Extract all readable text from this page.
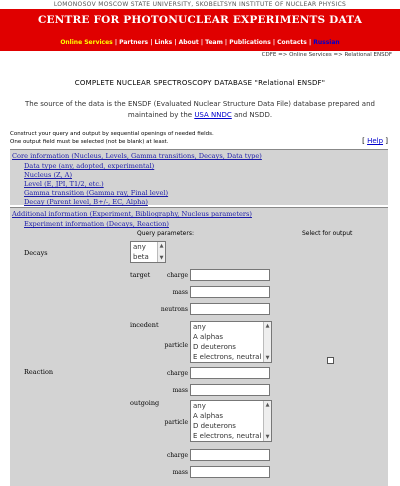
LOMONOSOV MOSCOW STATE UNIVERSITY, SKOBELTSYN INSTITUTE OF NUCLEAR PHYSICS
CENTRE FOR PHOTONUCLEAR EXPERIMENTS DATA
Online Services | Partners | Links | About | Team | Publications | Contacts | Russian
CDFE => Online Services => Relational ENSDF
COMPLETE NUCLEAR SPECTROSCOPY DATABASE "Relational ENSDF"
The source of the data is the ENSDF (Evaluated Nuclear Structure Data File) database prepared and maintained by the USA NNDC and NSDD.
Construct your query and output by sequential openings of needed fields.
One output field must be selected (not be blank) at least.	[ Help ]
Core information (Nucleus, Levels, Gamma transitions, Decays, Data type)
Data type (any, adopted, experimental)
Nucleus (Z, A)
Level (E, JPI, T1/2, etc.)
Gamma transition (Gamma ray, Final level)
Decay (Parent level, B+/-, EC, Alpha)
Additional information (Experiment, Bibliography, Nucleus parameters)
Experiment information (Decays, Reaction)
Query parameters:	Select for output
Decays
any
beta
▲
▼
target	charge
mass
neutrons
incedent
particle
any
A alphas
D deuterons
E electrons, neutral
▲
▼
Reaction	charge
mass
outgoing
particle
any
A alphas
D deuterons
E electrons, neutral
▲
▼
charge
mass
